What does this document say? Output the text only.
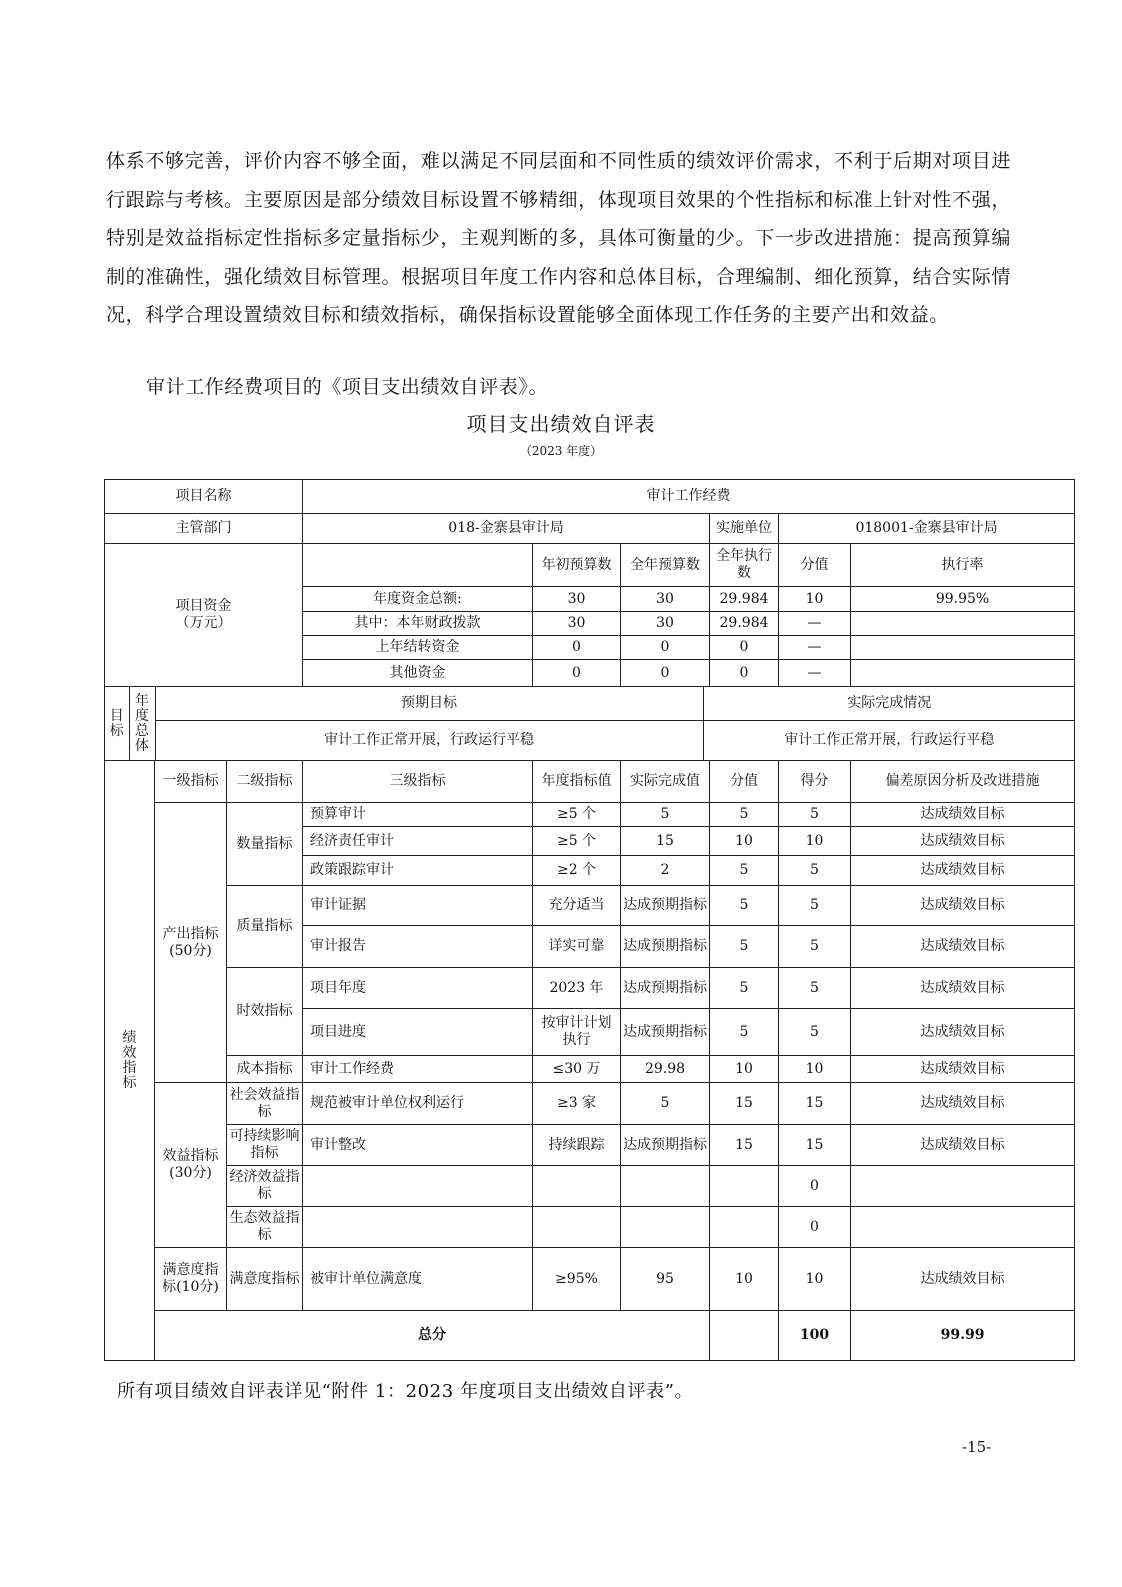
体系不够完善，评价内容不够全面，难以满足不同层面和不同性质的绩效评价需求，不利于后期对项目进行跟踪与考核。主要原因是部分绩效目标设置不够精细，体现项目效果的个性指标和标准上针对性不强，特别是效益指标定性指标多定量指标少，主观判断的多，具体可衡量的少。下一步改进措施：提高预算编制的准确性，强化绩效目标管理。根据项目年度工作内容和总体目标，合理编制、细化预算，结合实际情况，科学合理设置绩效目标和绩效指标，确保指标设置能够全面体现工作任务的主要产出和效益。

审计工作经费项目的《项目支出绩效自评表》。
项目支出绩效自评表
（2023 年度）
项目名称	审计工作经费
主管部门	018-金寨县审计局	实施单位	018001-金寨县审计局

项目资金
（万元）
		年初预算数	全年预算数	全年执行数	分值	执行率	
年度资金总额:	30	30	29.984	10	99.95%	
其中：本年财政拨款	30	30	29.984	—		
上年结转资金	0	0	0	—		
其他资金	0	0	0	—		

目
标

年
度
总
体
	预期目标	实际完成情况
审计工作正常开展，行政运行平稳	审计工作正常开展，行政运行平稳

绩
效
指
标
	一级指标	二级指标	三级指标	年度指标值	实际完成值	分值	得分	偏差原因分析及改进措施
产出指标(50分)	数量指标	预算审计	≥5 个	5	5	5	达成绩效目标
经济责任审计	≥5 个	15	10	10	达成绩效目标
政策跟踪审计	≥2 个	2	5	5	达成绩效目标
质量指标	审计证据	充分适当	达成预期指标	5	5	达成绩效目标
审计报告	详实可靠	达成预期指标	5	5	达成绩效目标
时效指标	项目年度	2023 年	达成预期指标	5	5	达成绩效目标
项目进度	按审计计划执行	达成预期指标	5	5	达成绩效目标
成本指标	审计工作经费	≤30 万	29.98	10	10	达成绩效目标
效益指标(30分)	社会效益指标	规范被审计单位权利运行	≥3 家	5	15	15	达成绩效目标
可持续影响指标	审计整改	持续跟踪	达成预期指标	15	15	达成绩效目标
经济效益指标					0	
生态效益指标					0	
满意度指标(10分)	满意度指标	被审计单位满意度	≥95%	95	10	10	达成绩效目标
总分		100	99.99	
所有项目绩效自评表详见“附件 1：2023 年度项目支出绩效自评表”。
-15-
